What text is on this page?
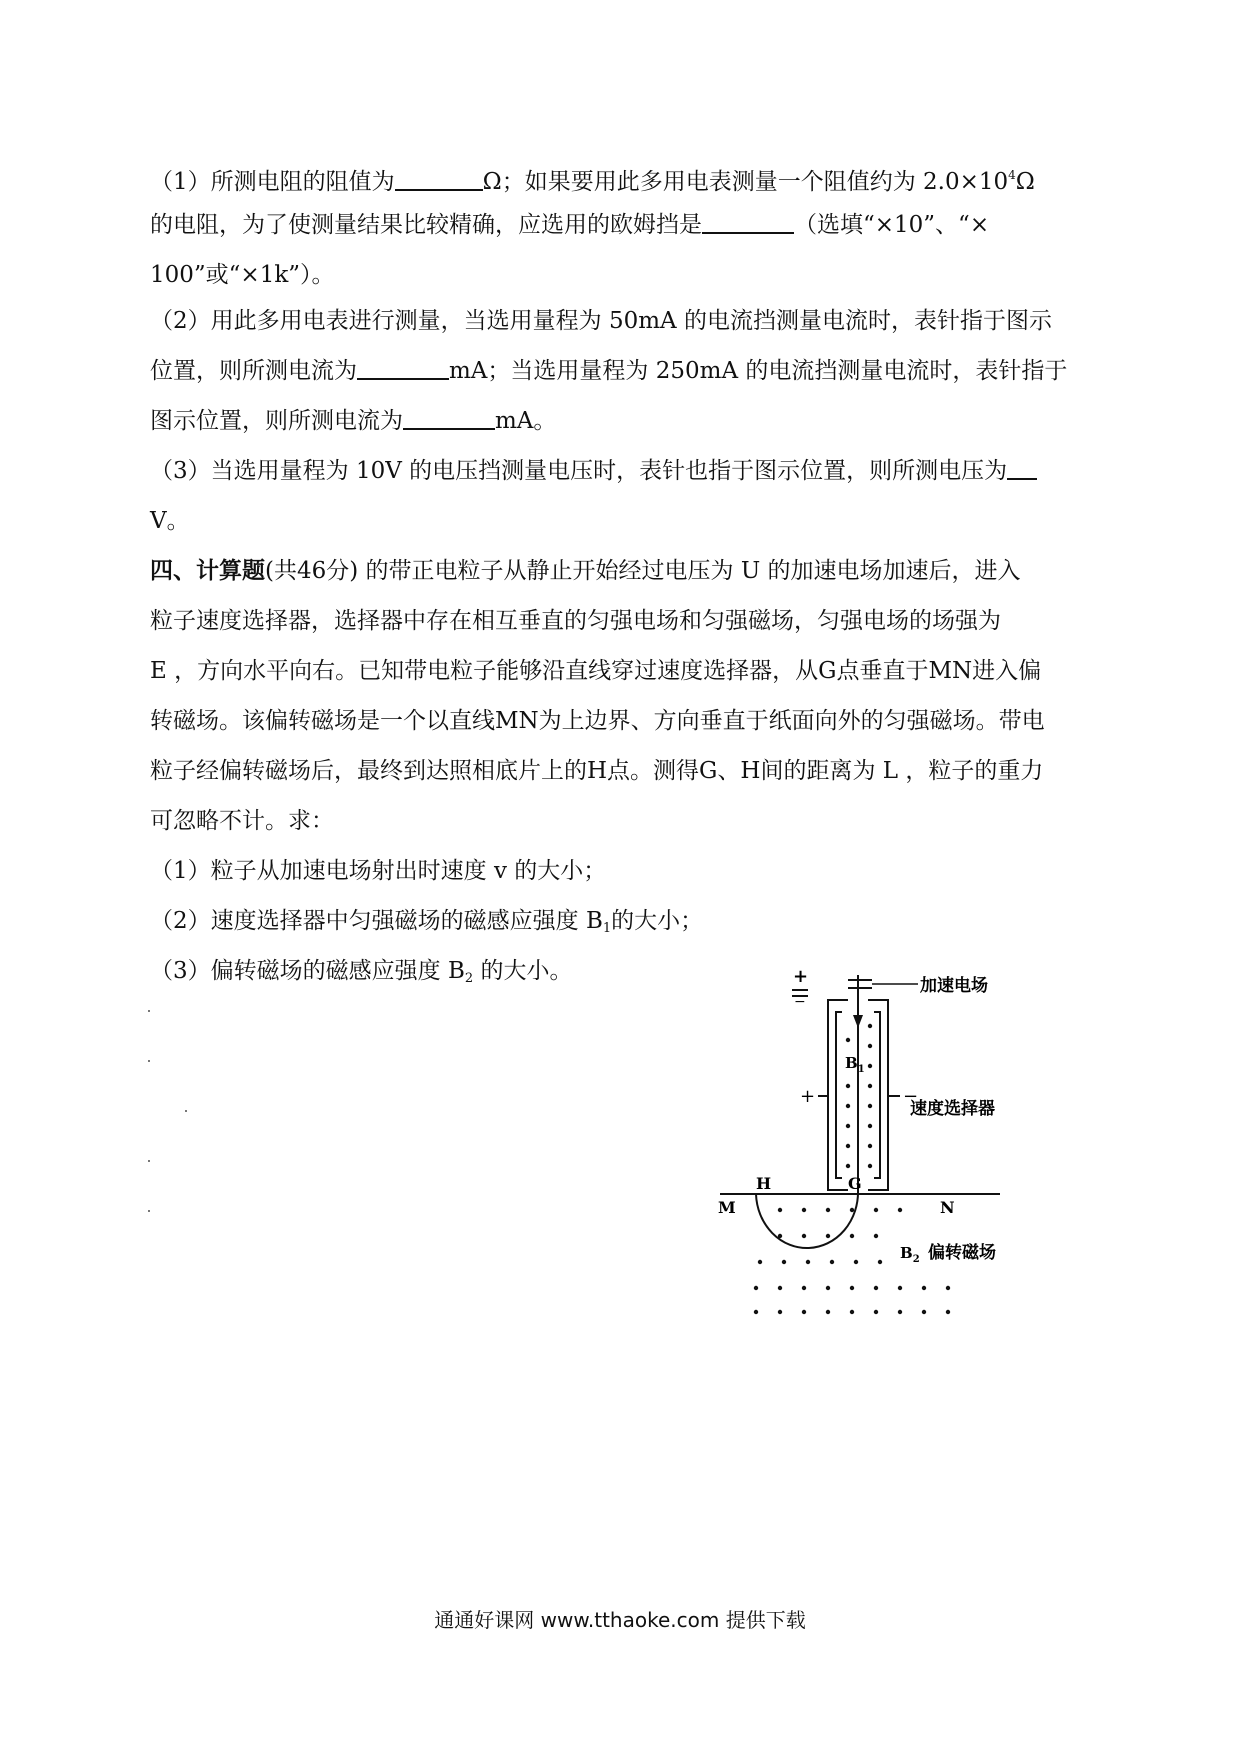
（1）所测电阻的阻值为	Ω；如果要用此多用电表测量一个阻值约为 $2.0\times 10^4\Omega$
的电阻，为了使测量结果比较精确，应选用的欧姆挡是	（选填“×10”、“×
100”或“×1k”）。
（2）用此多用电表进行测量，当选用量程为 50mA 的电流挡测量电流时，表针指于图示
位置，则所测电流为	mA；当选用量程为 250mA 的电流挡测量电流时，表针指于
图示位置，则所测电流为	mA。
（3）当选用量程为 10V 的电压挡测量电压时，表针也指于图示位置，则所测电压为
V。
四、计算题(共46分) 的带正电粒子从静止开始经过电压为 U 的加速电场加速后，进入
粒子速度选择器，选择器中存在相互垂直的匀强电场和匀强磁场，匀强电场的场强为
E ，方向水平向右。已知带电粒子能够沿直线穿过速度选择器，从G点垂直于MN进入偏
转磁场。该偏转磁场是一个以直线MN为上边界、方向垂直于纸面向外的匀强磁场。带电
粒子经偏转磁场后，最终到达照相底片上的H点。测得G、H间的距离为 L ，粒子的重力
可忽略不计。求：
（1）粒子从加速电场射出时速度 v 的大小；
（2）速度选择器中匀强磁场的磁感应强度 $B_1$的大小；
（3）偏转磁场的磁感应强度 $B_2$ 的大小。	+
−
加速电场
+	−
速度选择器
$B_1$
H	G
M	N
$B_2$ 偏转磁场
通通好课网 www.tthaoke.com 提供下载
